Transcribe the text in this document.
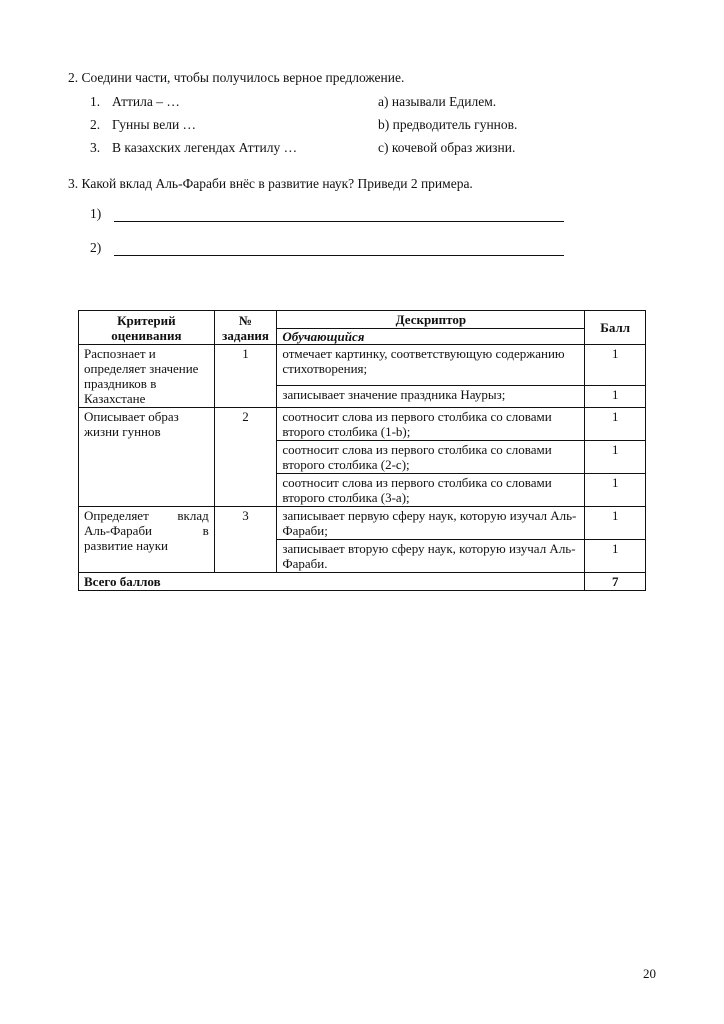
2. Соедини части, чтобы получилось верное предложение.
1. Аттила – …	a) называли Едилем.
2. Гунны вели …	b) предводитель гуннов.
3. В казахских легендах Аттилу …	c) кочевой образ жизни.
3. Какой вклад Аль-Фараби внёс в развитие наук? Приведи 2 примера.
1)
2)
Критерий оценивания	№ задания	Дескриптор	Балл
		Обучающийся	
Распознает и определяет значение праздников в Казахстане	1	отмечает картинку, соответствующую содержанию стихотворения;	1
		записывает значение праздника Наурыз;	1
Описывает образ жизни гуннов	2	соотносит слова из первого столбика со словами второго столбика (1-b);	1
		соотносит слова из первого столбика со словами второго столбика (2-c);	1
		соотносит слова из первого столбика со словами второго столбика (3-a);	1
Определяет вклад Аль-Фараби в развитие науки	3	записывает первую сферу наук, которую изучал Аль-Фараби;	1
		записывает вторую сферу наук, которую изучал Аль-Фараби.	1
Всего баллов			7
20
